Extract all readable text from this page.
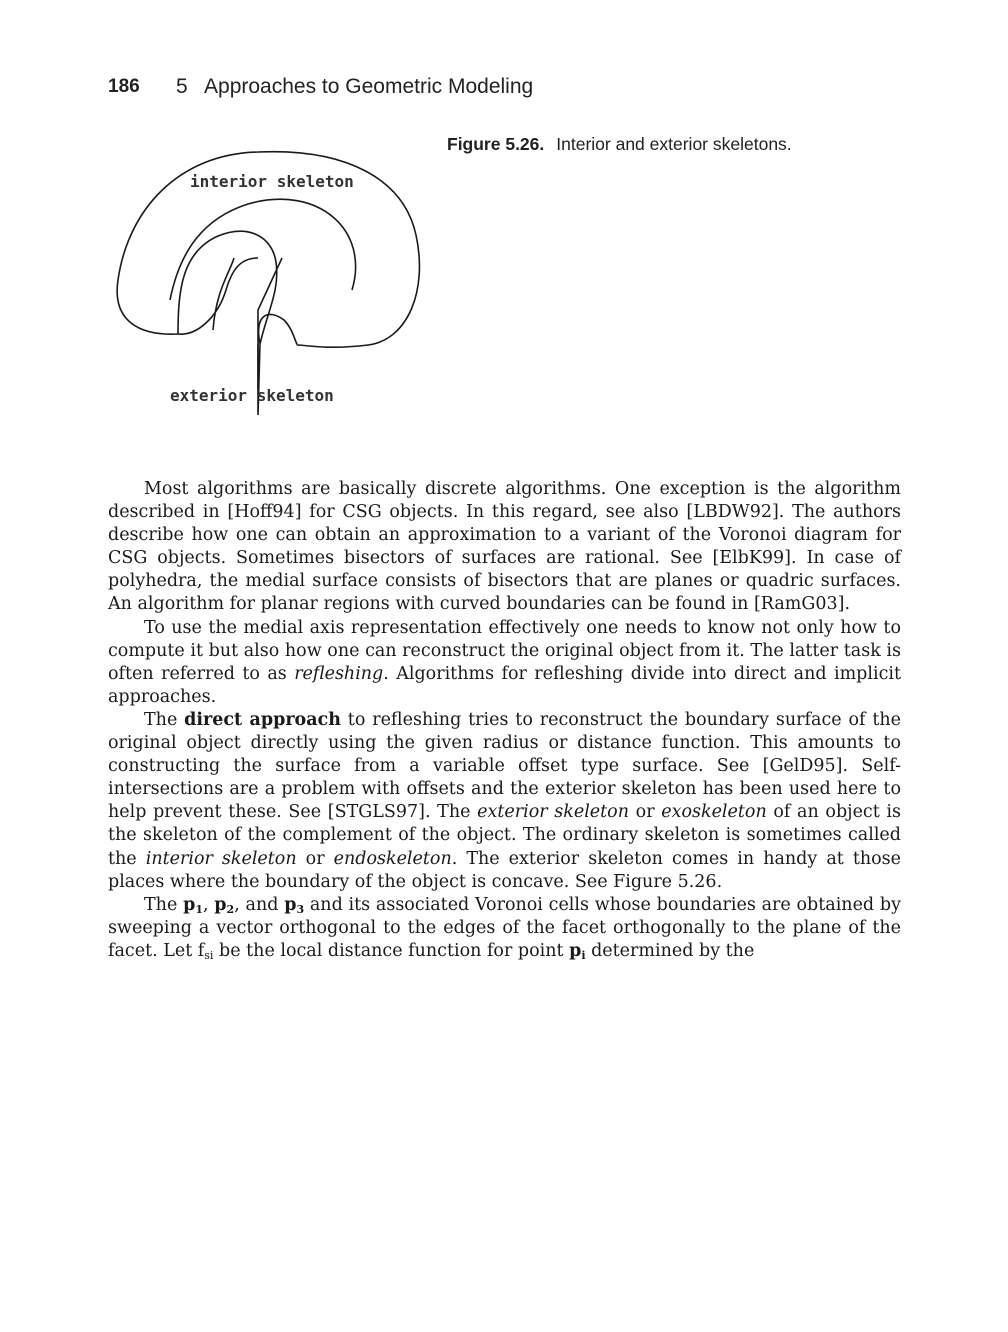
186 5   Approaches to Geometric Modeling
Figure 5.26. Interior and exterior skeletons.
interior skeleton
exterior skeleton

Most algorithms are basically discrete algorithms. One exception is the algorithm described in [Hoff94] for CSG objects. In this regard, see also [LBDW92]. The authors describe how one can obtain an approximation to a variant of the Voronoi diagram for CSG objects. Sometimes bisectors of surfaces are rational. See [ElbK99]. In case of polyhedra, the medial surface consists of bisectors that are planes or quadric surfaces. An algorithm for planar regions with curved boundaries can be found in [RamG03].

To use the medial axis representation effectively one needs to know not only how to compute it but also how one can reconstruct the original object from it. The latter task is often referred to as refleshing. Algorithms for refleshing divide into direct and implicit approaches.

The direct approach to refleshing tries to reconstruct the boundary surface of the original object directly using the given radius or distance function. This amounts to constructing the surface from a variable offset type surface. See [GelD95]. Self-intersections are a problem with offsets and the exterior skeleton has been used here to help prevent these. See [STGLS97]. The exterior skeleton or exoskeleton of an object is the skeleton of the complement of the object. The ordinary skeleton is sometimes called the interior skeleton or endoskeleton. The exterior skeleton comes in handy at those places where the boundary of the object is concave. See Figure 5.26.

The $p_1$, $p_2$, and $p_3$ and its associated Voronoi cells whose boundaries are obtained by sweeping a vector orthogonal to the edges of the facet orthogonally to the plane of the facet. Let $f_{si}$ be the local distance function for point $p_i$ determined by the
